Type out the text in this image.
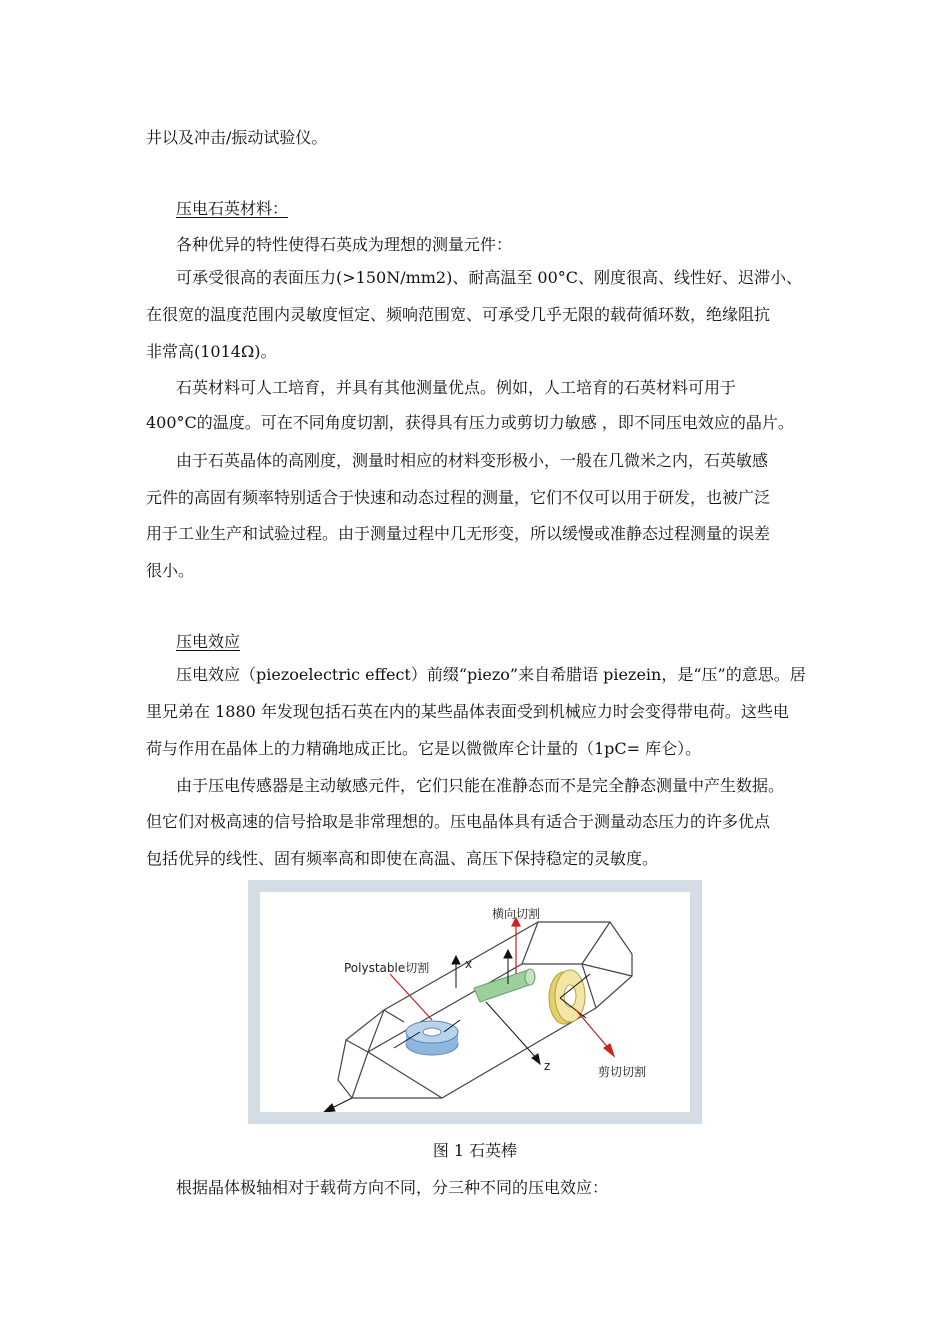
井以及冲击/振动试验仪。
压电石英材料：
各种优异的特性使得石英成为理想的测量元件：
可承受很高的表面压力(>150N/mm2)、耐高温至 00°C、刚度很高、线性好、迟滞小、
在很宽的温度范围内灵敏度恒定、频响范围宽、可承受几乎无限的载荷循环数，绝缘阻抗
非常高(1014Ω)。
石英材料可人工培育，并具有其他测量优点。例如，人工培育的石英材料可用于
400°C的温度。可在不同角度切割，获得具有压力或剪切力敏感 ，即不同压电效应的晶片。
由于石英晶体的高刚度，测量时相应的材料变形极小，一般在几微米之内，石英敏感
元件的高固有频率特别适合于快速和动态过程的测量，它们不仅可以用于研发，也被广泛
用于工业生产和试验过程。由于测量过程中几无形变，所以缓慢或准静态过程测量的误差
很小。
压电效应
压电效应（piezoelectric effect）前缀“piezo”来自希腊语 piezein，是“压”的意思。居
里兄弟在 1880 年发现包括石英在内的某些晶体表面受到机械应力时会变得带电荷。这些电
荷与作用在晶体上的力精确地成正比。它是以微微库仑计量的（1pC= 库仑）。
由于压电传感器是主动敏感元件，它们只能在准静态而不是完全静态测量中产生数据。
但它们对极高速的信号拾取是非常理想的。压电晶体具有适合于测量动态压力的许多优点
包括优异的线性、固有频率高和即使在高温、高压下保持稳定的灵敏度。
横向切割
Polystable切割
剪切切割
x
z
图 1 石英棒
根据晶体极轴相对于载荷方向不同，分三种不同的压电效应：
